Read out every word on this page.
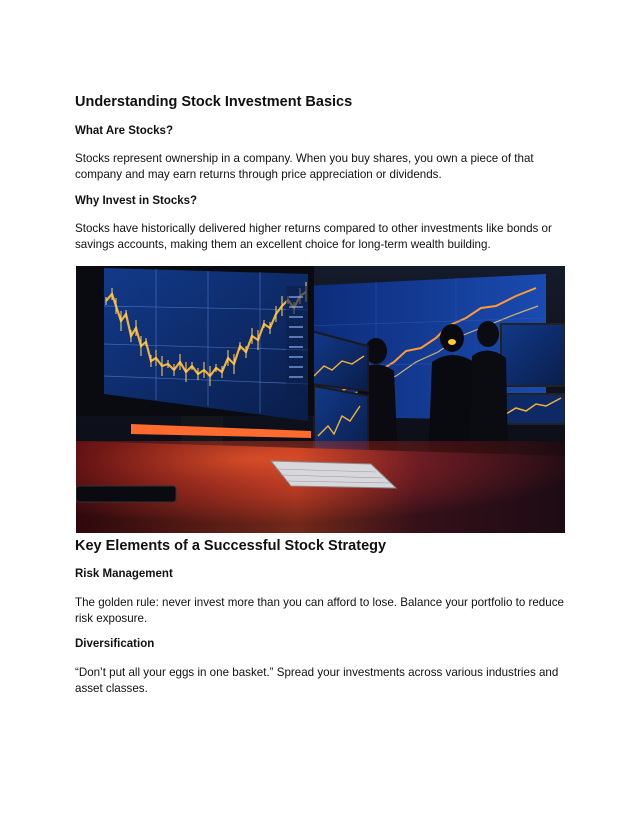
Understanding Stock Investment Basics
What Are Stocks?
Stocks represent ownership in a company. When you buy shares, you own a piece of that company and may earn returns through price appreciation or dividends.
Why Invest in Stocks?
Stocks have historically delivered higher returns compared to other investments like bonds or savings accounts, making them an excellent choice for long-term wealth building.
Key Elements of a Successful Stock Strategy
Risk Management
The golden rule: never invest more than you can afford to lose. Balance your portfolio to reduce risk exposure.
Diversification
“Don’t put all your eggs in one basket.” Spread your investments across various industries and asset classes.
